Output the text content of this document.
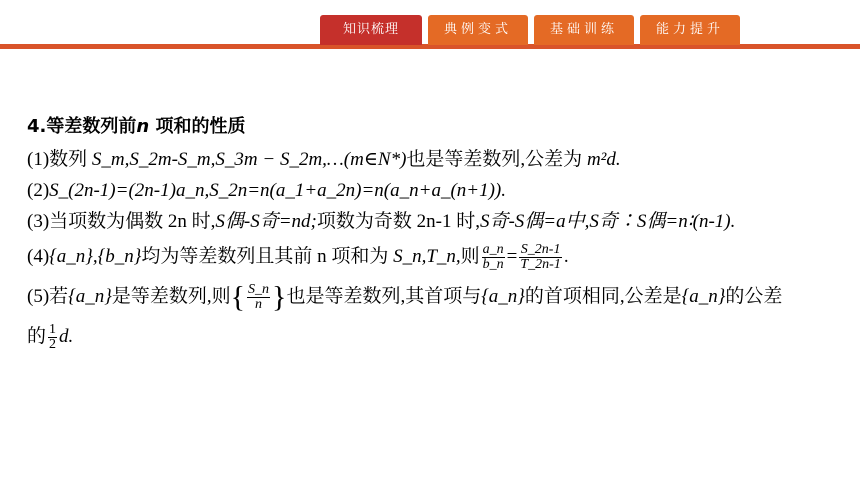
知识梳理	典例变式	基础训练	能力提升
4.等差数列前n 项和的性质
(1)数列 S_m,S_2m-S_m,S_3m − S_2m,…(m∈N*)也是等差数列,公差为 m²d.
(2)S_(2n-1)=(2n-1)a_n,S_2n=n(a_1+a_2n)=n(a_n+a_(n+1)).
(3)当项数为偶数 2n 时,S偶-S奇=nd;项数为奇数 2n-1 时,S奇-S偶=a中,S奇∶S偶=n∶(n-1).
(4){a_n},{b_n}均为等差数列且其前 n 项和为 S_n,T_n,则 $\frac{a\_n}{b\_n} = \frac{S\_2n-1}{T\_2n-1}$ .
(5)若{a_n}是等差数列,则{ $\frac{S\_n}{n}$ }也是等差数列,其首项与{a_n}的首项相同,公差是{a_n}的公差
的 $\frac{1}{2} d$.
